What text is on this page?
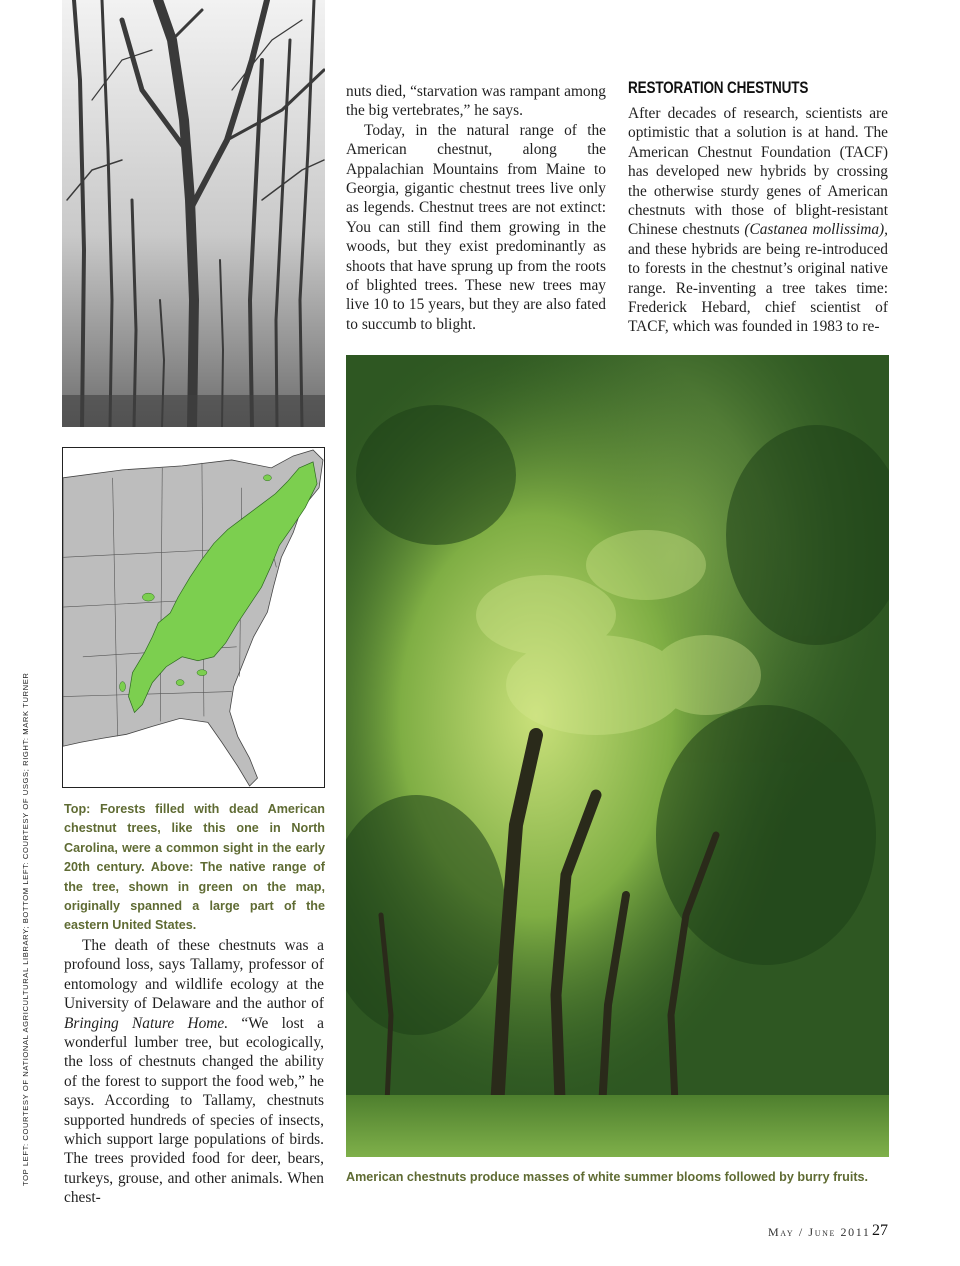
TOP LEFT: COURTESY OF NATIONAL AGRICULTURAL LIBRARY; BOTTOM LEFT: COURTESY OF USGS; RIGHT: MARK TURNER	Top: Forests filled with dead American chestnut trees, like this one in North Carolina, were a common sight in the early 20th century. Above: The native range of the tree, shown in green on the map, originally spanned a large part of the eastern United States.

The death of these chestnuts was a profound loss, says Tallamy, professor of entomology and wildlife ecology at the University of Delaware and the author of Bringing Nature Home. “We lost a wonderful lumber tree, but ecologically, the loss of chestnuts changed the ability of the forest to support the food web,” he says. According to Tallamy, chestnuts supported hundreds of species of insects, which support large populations of birds. The trees provided food for deer, bears, turkeys, grouse, and other animals. When chest-

nuts died, “starvation was rampant among the big vertebrates,” he says.

Today, in the natural range of the American chestnut, along the Appalachian Mountains from Maine to Georgia, gigantic chestnut trees live only as legends. Chestnut trees are not extinct: You can still find them growing in the woods, but they exist predominantly as shoots that have sprung up from the roots of blighted trees. These new trees may live 10 to 15 years, but they are also fated to succumb to blight.

RESTORATION CHESTNUTS

After decades of research, scientists are optimistic that a solution is at hand. The American Chestnut Foundation (TACF) has developed new hybrids by crossing the otherwise sturdy genes of American chestnuts with those of blight-resistant Chinese chestnuts (Castanea mollissima), and these hybrids are being re-introduced to forests in the chestnut’s original native range. Re-inventing a tree takes time: Frederick Hebard, chief scientist of TACF, which was founded in 1983 to re-

American chestnuts produce masses of white summer blooms followed by burry fruits.
May / June 2011 27
